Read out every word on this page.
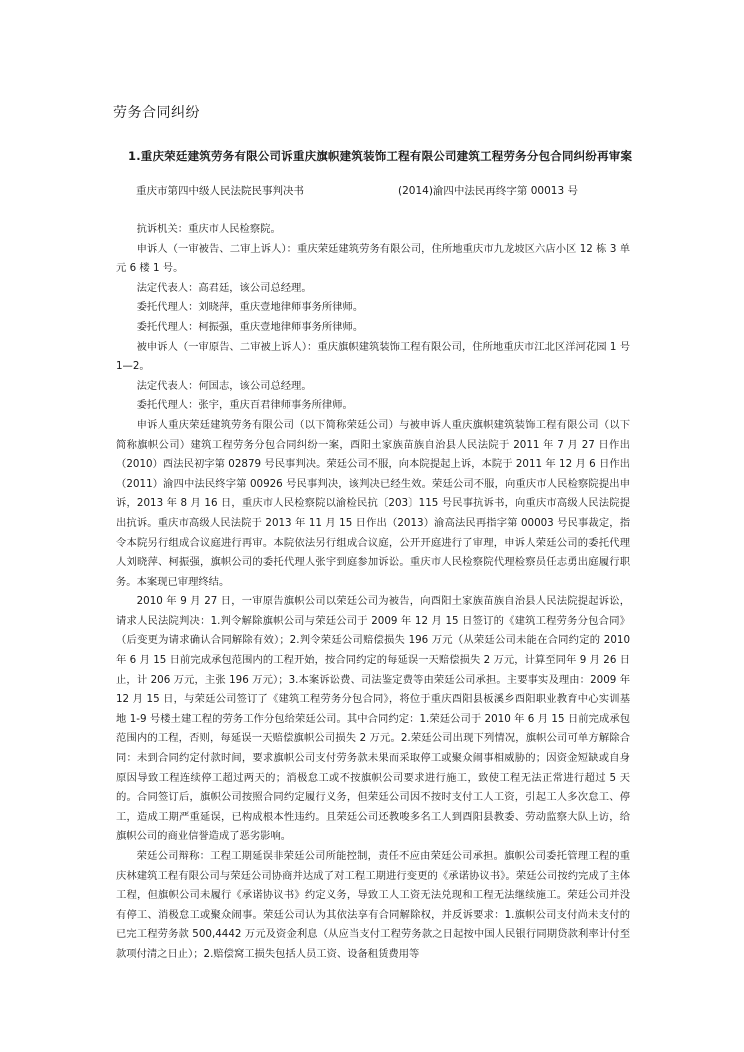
劳务合同纠纷
1.重庆荣廷建筑劳务有限公司诉重庆旗帜建筑装饰工程有限公司建筑工程劳务分包合同纠纷再审案
重庆市第四中级人民法院民事判决书	(2014)渝四中法民再终字第 00013 号

抗诉机关：重庆市人民检察院。

申诉人（一审被告、二审上诉人）：重庆荣廷建筑劳务有限公司，住所地重庆市九龙坡区六店小区 12 栋 3 单元 6 楼 1 号。

法定代表人：高君廷，该公司总经理。

委托代理人：刘晓萍，重庆壹地律师事务所律师。

委托代理人：柯振强，重庆壹地律师事务所律师。

被申诉人（一审原告、二审被上诉人）：重庆旗帜建筑装饰工程有限公司，住所地重庆市江北区洋河花园 1 号 1—2。

法定代表人：何国志，该公司总经理。

委托代理人：张宇，重庆百君律师事务所律师。

申诉人重庆荣廷建筑劳务有限公司（以下简称荣廷公司）与被申诉人重庆旗帜建筑装饰工程有限公司（以下简称旗帜公司）建筑工程劳务分包合同纠纷一案，酉阳土家族苗族自治县人民法院于 2011 年 7 月 27 日作出（2010）酉法民初字第 02879 号民事判决。荣廷公司不服，向本院提起上诉，本院于 2011 年 12 月 6 日作出（2011）渝四中法民终字第 00926 号民事判决，该判决已经生效。荣廷公司不服，向重庆市人民检察院提出申诉，2013 年 8 月 16 日，重庆市人民检察院以渝检民抗〔203〕115 号民事抗诉书，向重庆市高级人民法院提出抗诉。重庆市高级人民法院于 2013 年 11 月 15 日作出（2013）渝高法民再指字第 00003 号民事裁定，指令本院另行组成合议庭进行再审。本院依法另行组成合议庭，公开开庭进行了审理，申诉人荣廷公司的委托代理人刘晓萍、柯振强，旗帜公司的委托代理人张宇到庭参加诉讼。重庆市人民检察院代理检察员任志勇出庭履行职务。本案现已审理终结。

2010 年 9 月 27 日，一审原告旗帜公司以荣廷公司为被告，向酉阳土家族苗族自治县人民法院提起诉讼，请求人民法院判决：1.判令解除旗帜公司与荣廷公司于 2009 年 12 月 15 日签订的《建筑工程劳务分包合同》（后变更为请求确认合同解除有效）；2.判令荣廷公司赔偿损失 196 万元（从荣廷公司未能在合同约定的 2010 年 6 月 15 日前完成承包范围内的工程开始，按合同约定的每延误一天赔偿损失 2 万元，计算至同年 9 月 26 日止，计 206 万元，主张 196 万元）；3.本案诉讼费、司法鉴定费等由荣廷公司承担。主要事实及理由：2009 年 12 月 15 日，与荣廷公司签订了《建筑工程劳务分包合同》，将位于重庆酉阳县板溪乡酉阳职业教育中心实训基地 1-9 号楼土建工程的劳务工作分包给荣廷公司。其中合同约定：1.荣廷公司于 2010 年 6 月 15 日前完成承包范围内的工程，否则，每延误一天赔偿旗帜公司损失 2 万元。2.荣廷公司出现下列情况，旗帜公司可单方解除合同：未到合同约定付款时间，要求旗帜公司支付劳务款未果而采取停工或聚众闹事相威胁的；因资金短缺或自身原因导致工程连续停工超过两天的；消极怠工或不按旗帜公司要求进行施工，致使工程无法正常进行超过 5 天的。合同签订后，旗帜公司按照合同约定履行义务，但荣廷公司因不按时支付工人工资，引起工人多次怠工、停工，造成工期严重延误，已构成根本性违约。且荣廷公司还教唆多名工人到酉阳县教委、劳动监察大队上访，给旗帜公司的商业信誉造成了恶劣影响。

荣廷公司辩称：工程工期延误非荣廷公司所能控制，责任不应由荣廷公司承担。旗帜公司委托管理工程的重庆林建筑工程有限公司与荣廷公司协商并达成了对工程工期进行变更的《承诺协议书》。荣廷公司按约完成了主体工程，但旗帜公司未履行《承诺协议书》约定义务，导致工人工资无法兑现和工程无法继续施工。荣廷公司并没有停工、消极怠工或聚众闹事。荣廷公司认为其依法享有合同解除权，并反诉要求：1.旗帜公司支付尚未支付的已完工程劳务款 500,4442 万元及资金利息（从应当支付工程劳务款之日起按中国人民银行同期贷款利率计付至款项付清之日止）；2.赔偿窝工损失包括人员工资、设备租赁费用等
